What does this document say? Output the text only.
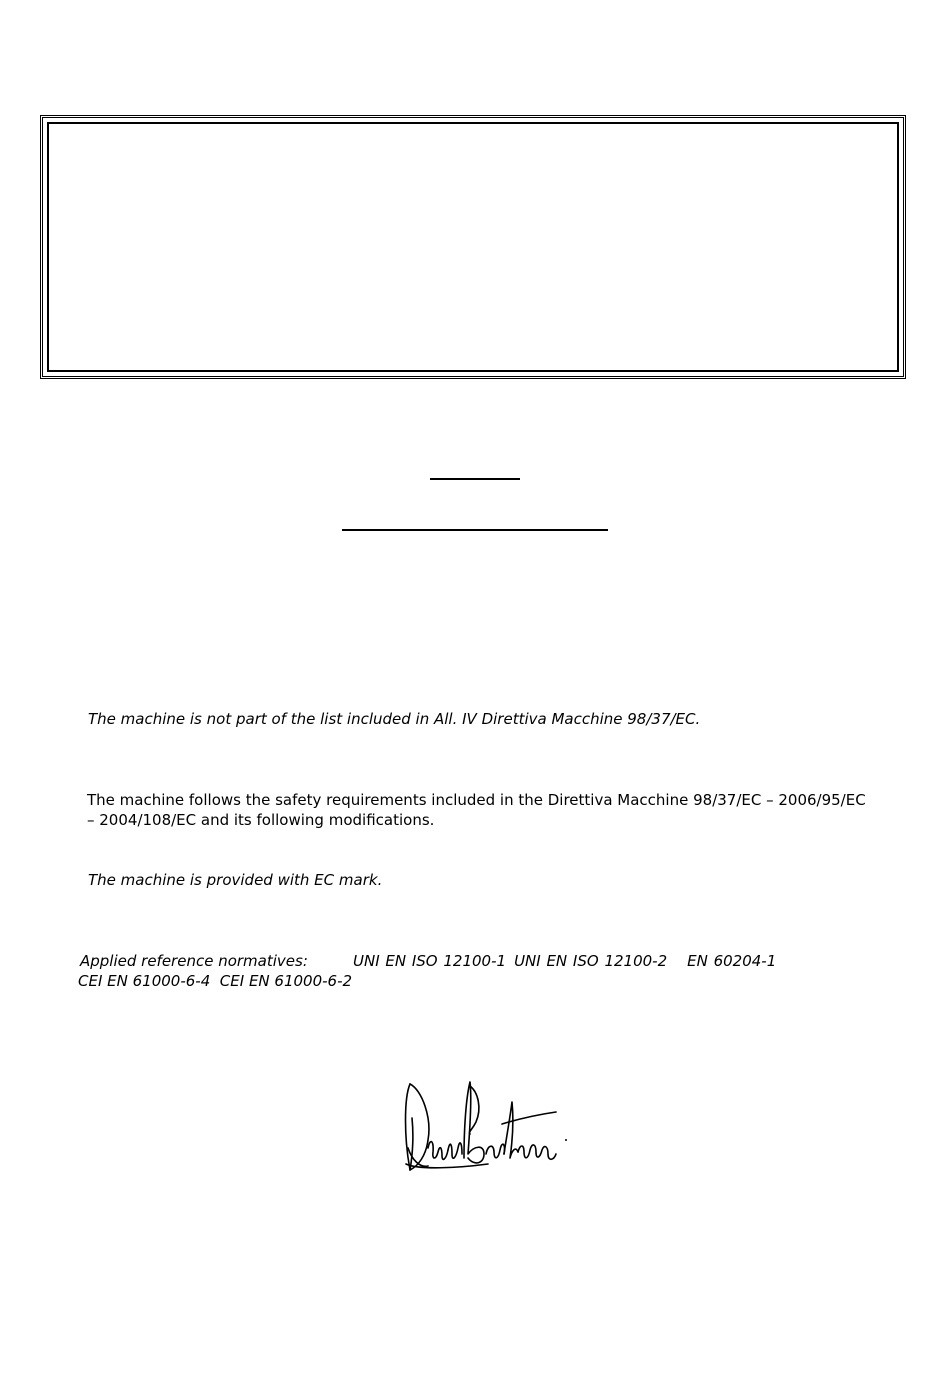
The machine is not part of the list included in All. IV Direttiva Macchine 98/37/EC.
The machine follows the safety requirements included in the Direttiva Macchine 98/37/EC – 2006/95/EC – 2004/108/EC and its following modifications.
The machine is provided with EC mark.
Applied reference normatives:	UNI EN ISO 12100-1 UNI EN ISO 12100-2 EN 60204-1
CEI EN 61000-6-4 CEI EN 61000-6-2
